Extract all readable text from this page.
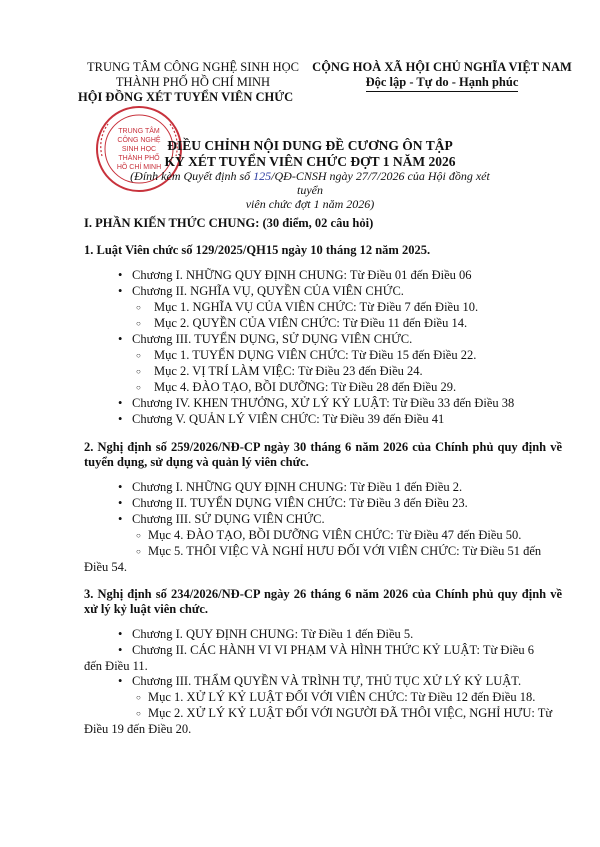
TRUNG TÂM CÔNG NGHỆ SINH HỌC
THÀNH PHỐ HỒ CHÍ MINH
HỘI ĐỒNG XÉT TUYỂN VIÊN CHỨC
CỘNG HOÀ XÃ HỘI CHỦ NGHĨA VIỆT NAM
Độc lập - Tự do - Hạnh phúc
TRUNG TÂM
CÔNG NGHỆ
SINH HỌC
THÀNH PHỐ
HỒ CHÍ MINH
ĐIỀU CHỈNH NỘI DUNG ĐỀ CƯƠNG ÔN TẬP
KỲ XÉT TUYỂN VIÊN CHỨC ĐỢT 1 NĂM 2026
(Đính kèm Quyết định số 125/QĐ-CNSH ngày 27/7/2026 của Hội đồng xét tuyển
viên chức đợt 1 năm 2026)
I. PHẦN KIẾN THỨC CHUNG: (30 điểm, 02 câu hỏi)
1. Luật Viên chức số 129/2025/QH15 ngày 10 tháng 12 năm 2025.
• Chương I. NHỮNG QUY ĐỊNH CHUNG: Từ Điều 01 đến Điều 06
• Chương II. NGHĨA VỤ, QUYỀN CỦA VIÊN CHỨC.
○ Mục 1. NGHĨA VỤ CỦA VIÊN CHỨC: Từ Điều 7 đến Điều 10.
○ Mục 2. QUYỀN CỦA VIÊN CHỨC: Từ Điều 11 đến Điều 14.
• Chương III. TUYỂN DỤNG, SỬ DỤNG VIÊN CHỨC.
○ Mục 1. TUYỂN DỤNG VIÊN CHỨC: Từ Điều 15 đến Điều 22.
○ Mục 2. VỊ TRÍ LÀM VIỆC: Từ Điều 23 đến Điều 24.
○ Mục 4. ĐÀO TẠO, BỒI DƯỠNG: Từ Điều 28 đến Điều 29.
• Chương IV. KHEN THƯỞNG, XỬ LÝ KỶ LUẬT: Từ Điều 33 đến Điều 38
• Chương V. QUẢN LÝ VIÊN CHỨC: Từ Điều 39 đến Điều 41
2. Nghị định số 259/2026/NĐ-CP ngày 30 tháng 6 năm 2026 của Chính phủ quy định về tuyển dụng, sử dụng và quản lý viên chức.
• Chương I. NHỮNG QUY ĐỊNH CHUNG: Từ Điều 1 đến Điều 2.
• Chương II. TUYỂN DỤNG VIÊN CHỨC: Từ Điều 3 đến Điều 23.
• Chương III. SỬ DỤNG VIÊN CHỨC.
○ Mục 4. ĐÀO TẠO, BỒI DƯỠNG VIÊN CHỨC: Từ Điều 47 đến Điều 50.
○ Mục 5. THÔI VIỆC VÀ NGHỈ HƯU ĐỐI VỚI VIÊN CHỨC: Từ Điều 51 đến
Điều 54.
3. Nghị định số 234/2026/NĐ-CP ngày 26 tháng 6 năm 2026 của Chính phủ quy định về xử lý kỷ luật viên chức.
• Chương I. QUY ĐỊNH CHUNG: Từ Điều 1 đến Điều 5.
• Chương II. CÁC HÀNH VI VI PHẠM VÀ HÌNH THỨC KỶ LUẬT: Từ Điều 6
đến Điều 11.
• Chương III. THẨM QUYỀN VÀ TRÌNH TỰ, THỦ TỤC XỬ LÝ KỶ LUẬT.
○ Mục 1. XỬ LÝ KỶ LUẬT ĐỐI VỚI VIÊN CHỨC: Từ Điều 12 đến Điều 18.
○ Mục 2. XỬ LÝ KỶ LUẬT ĐỐI VỚI NGƯỜI ĐÃ THÔI VIỆC, NGHỈ HƯU: Từ
Điều 19 đến Điều 20.
